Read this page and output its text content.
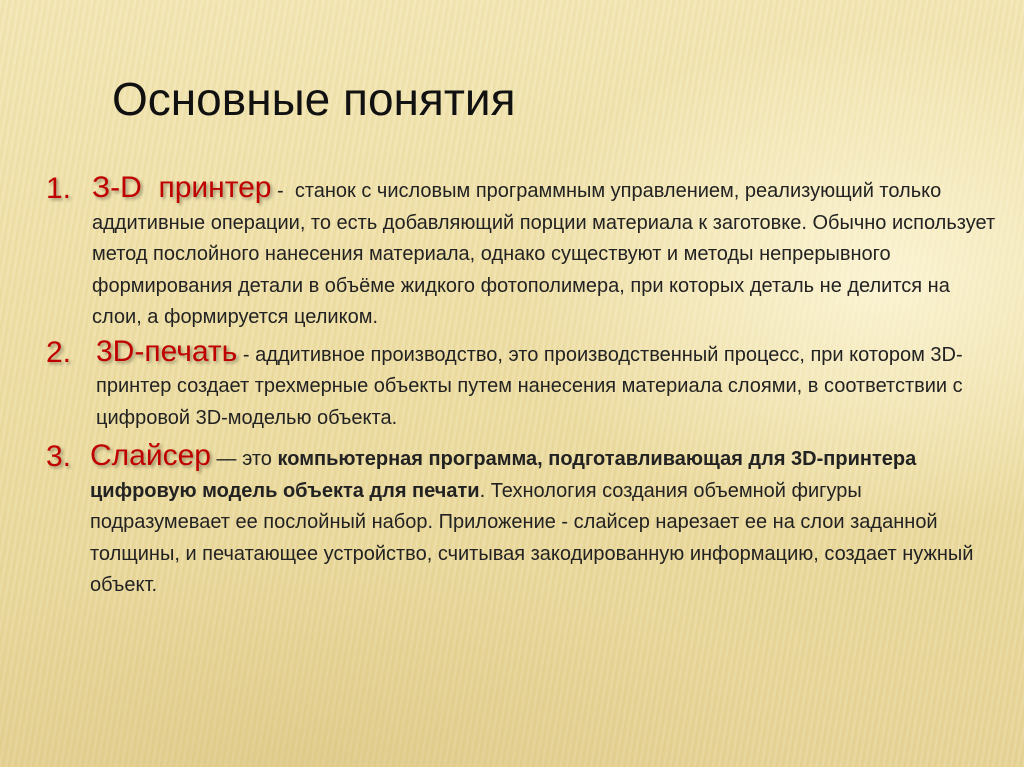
Основные понятия
1. З-D  принтер -  станок с числовым программным управлением, реализующий только аддитивные операции, то есть добавляющий порции материала к заготовке. Обычно использует метод послойного нанесения материала, однако существуют и методы непрерывного формирования детали в объёме жидкого фотополимера, при которых деталь не делится на слои, а формируется целиком.
2. 3D-печать - аддитивное производство, это производственный процесс, при котором 3D-принтер создает трехмерные объекты путем нанесения материала слоями, в соответствии с цифровой 3D-моделью объекта.
3. Слайсер — это компьютерная программа, подготавливающая для 3D-принтера цифровую модель объекта для печати. Технология создания объемной фигуры подразумевает ее послойный набор. Приложение - слайсер нарезает ее на слои заданной толщины, и печатающее устройство, считывая закодированную информацию, создает нужный объект.
